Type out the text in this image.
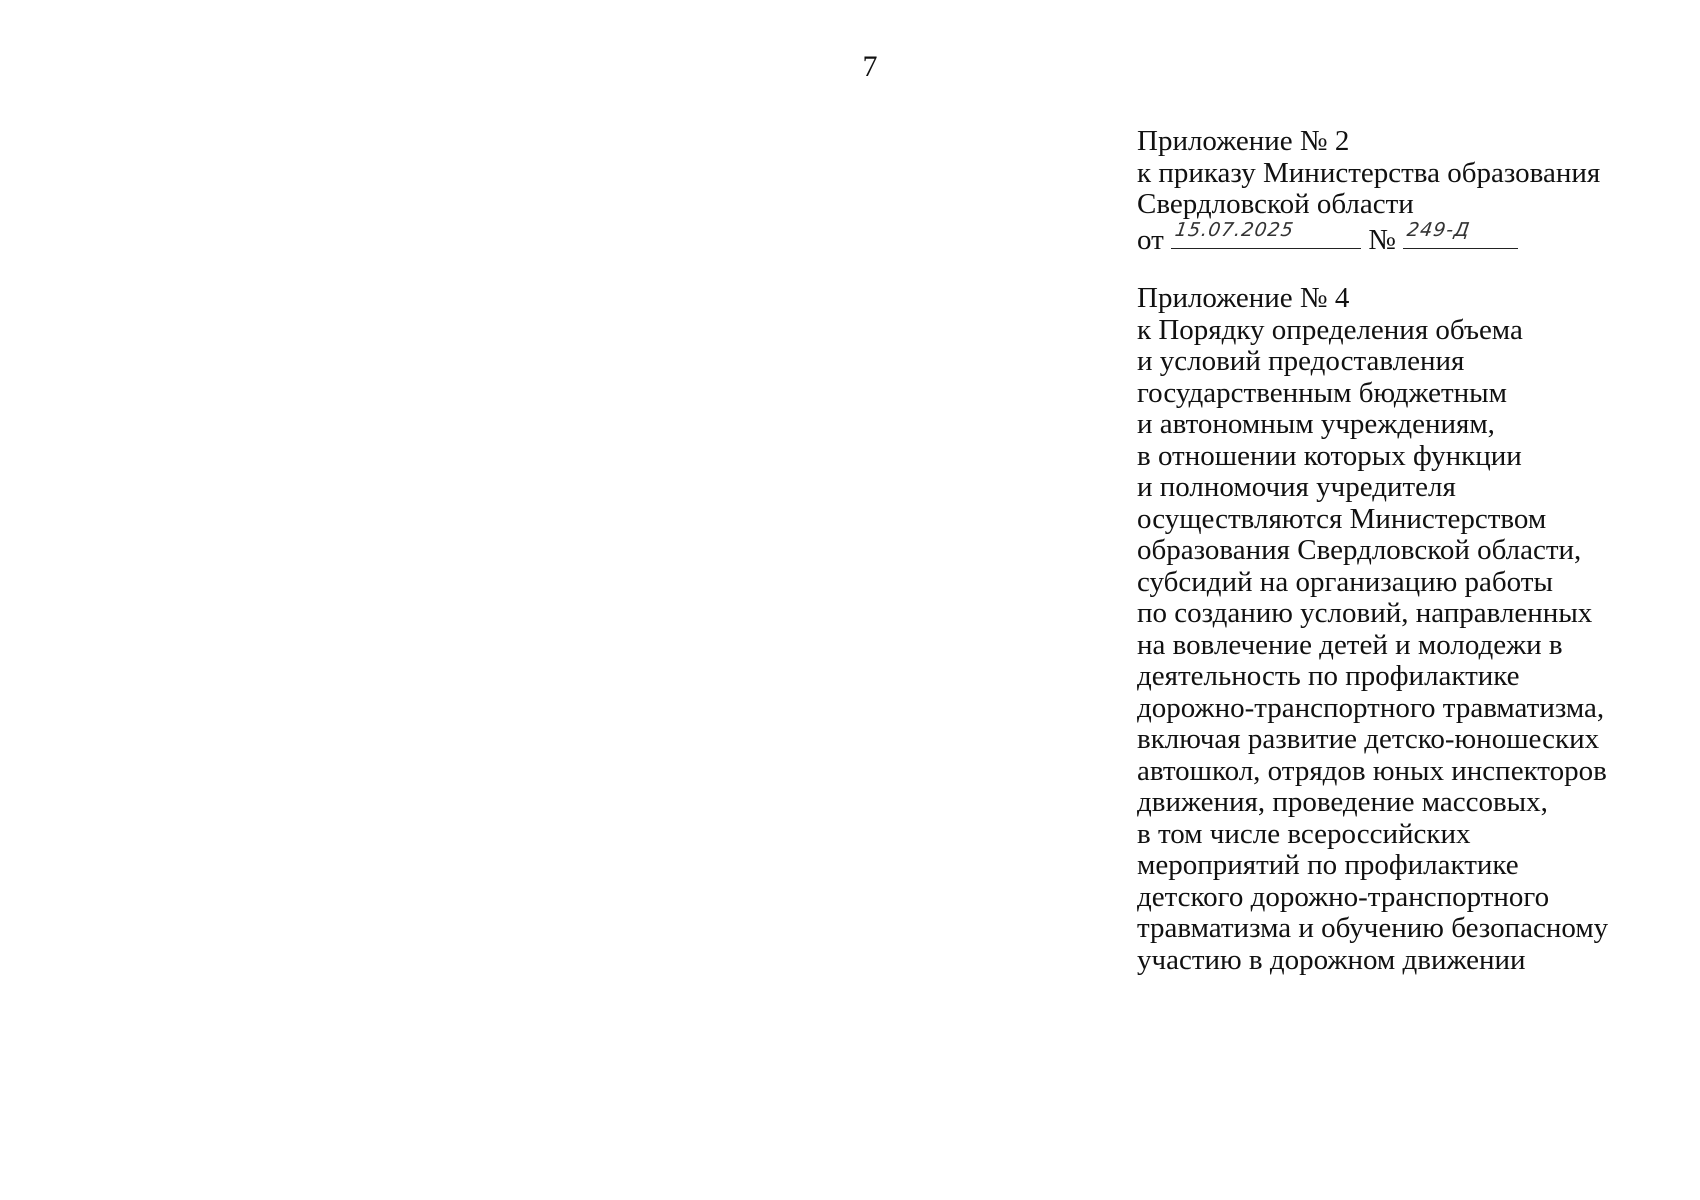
7
Приложение № 2
к приказу Министерства образования
Свердловской области
от 15.07.2025	№ 249-Д
Приложение № 4
к Порядку определения объема
и условий предоставления
государственным бюджетным
и автономным учреждениям,
в отношении которых функции
и полномочия учредителя
осуществляются Министерством
образования Свердловской области,
субсидий на организацию работы
по созданию условий, направленных
на вовлечение детей и молодежи в
деятельность по профилактике
дорожно-транспортного травматизма,
включая развитие детско-юношеских
автошкол, отрядов юных инспекторов
движения, проведение массовых,
в том числе всероссийских
мероприятий по профилактике
детского дорожно-транспортного
травматизма и обучению безопасному
участию в дорожном движении
